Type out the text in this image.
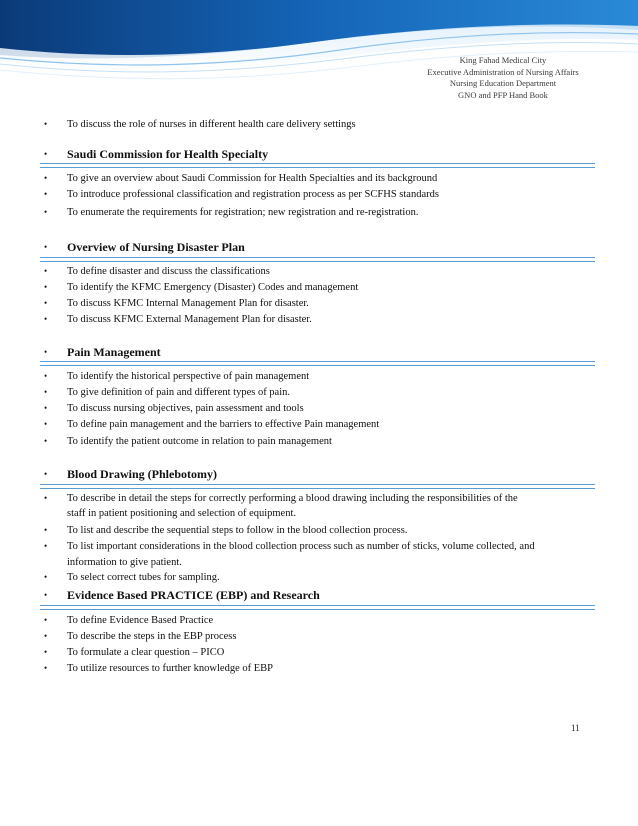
King Fahad Medical City
Executive Administration of Nursing Affairs
Nursing Education Department
GNO and PFP Hand Book
• To discuss the role of nurses in different health care delivery settings
• Saudi Commission for Health Specialty
• To give an overview about Saudi Commission for Health Specialties and its background
• To introduce professional classification and registration process as per SCFHS standards
• To enumerate the requirements for registration; new registration and re-registration.
• Overview of Nursing Disaster Plan
• To define disaster and discuss the classifications
• To identify the KFMC Emergency (Disaster) Codes and management
• To discuss KFMC Internal Management Plan for disaster.
• To discuss KFMC External Management Plan for disaster.
• Pain Management
• To identify the historical perspective of pain management
• To give definition of pain and different types of pain.
• To discuss nursing objectives, pain assessment and tools
• To define pain management and the barriers to effective Pain management
• To identify the patient outcome in relation to pain management
• Blood Drawing (Phlebotomy)
• To describe in detail the steps for correctly performing a blood drawing including the responsibilities of the
staff in patient positioning and selection of equipment.
• To list and describe the sequential steps to follow in the blood collection process.
• To list important considerations in the blood collection process such as number of sticks, volume collected, and
information to give patient.
• To select correct tubes for sampling.
• Evidence Based PRACTICE (EBP) and Research
• To define Evidence Based Practice
• To describe the steps in the EBP process
• To formulate a clear question – PICO
• To utilize resources to further knowledge of EBP
11
